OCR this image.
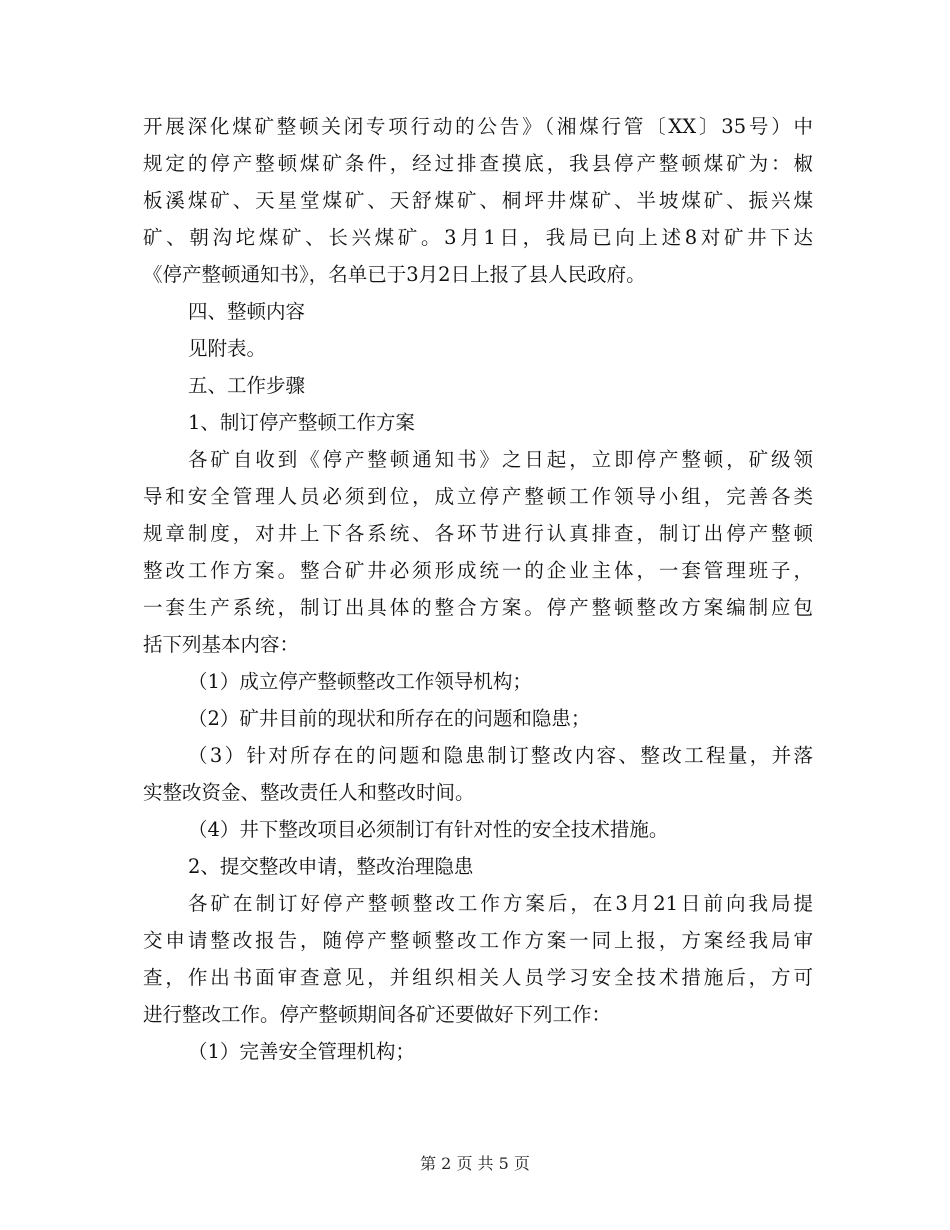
开展深化煤矿整顿关闭专项行动的公告》（湘煤行管〔XX〕35号）中
规定的停产整顿煤矿条件，经过排查摸底，我县停产整顿煤矿为：椒
板溪煤矿、天星堂煤矿、天舒煤矿、桐坪井煤矿、半坡煤矿、振兴煤
矿、朝沟坨煤矿、长兴煤矿。3月1日，我局已向上述8对矿井下达
《停产整顿通知书》，名单已于3月2日上报了县人民政府。
四、整顿内容
见附表。
五、工作步骤
1、制订停产整顿工作方案
各矿自收到《停产整顿通知书》之日起，立即停产整顿，矿级领
导和安全管理人员必须到位，成立停产整顿工作领导小组，完善各类
规章制度，对井上下各系统、各环节进行认真排查，制订出停产整顿
整改工作方案。整合矿井必须形成统一的企业主体，一套管理班子，
一套生产系统，制订出具体的整合方案。停产整顿整改方案编制应包
括下列基本内容：
（1）成立停产整顿整改工作领导机构；
（2）矿井目前的现状和所存在的问题和隐患；
（3）针对所存在的问题和隐患制订整改内容、整改工程量，并落
实整改资金、整改责任人和整改时间。
（4）井下整改项目必须制订有针对性的安全技术措施。
2、提交整改申请，整改治理隐患
各矿在制订好停产整顿整改工作方案后，在3月21日前向我局提
交申请整改报告，随停产整顿整改工作方案一同上报，方案经我局审
查，作出书面审查意见，并组织相关人员学习安全技术措施后，方可
进行整改工作。停产整顿期间各矿还要做好下列工作：
（1）完善安全管理机构；
第 2 页 共 5 页
